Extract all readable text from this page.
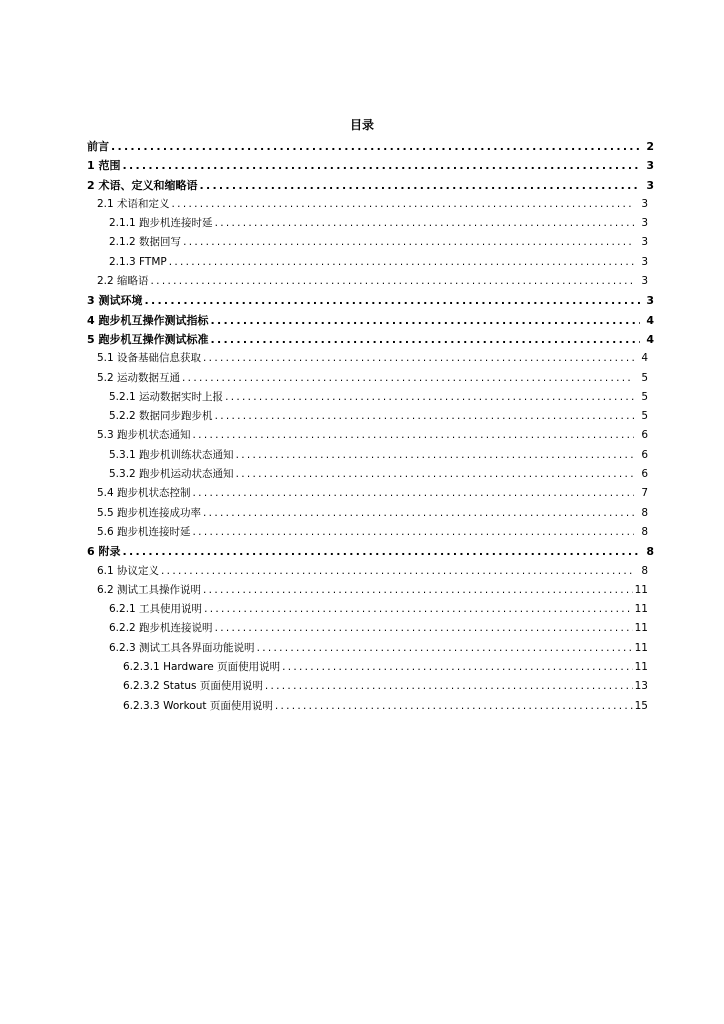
目录
前言 .....	2
1 范围 .....	3
2 术语、定义和缩略语 .....	3
2.1 术语和定义 .....	3
2.1.1 跑步机连接时延 .....	3
2.1.2 数据回写 .....	3
2.1.3 FTMP .....	3
2.2 缩略语 .....	3
3 测试环境 .....	3
4 跑步机互操作测试指标 .....	4
5 跑步机互操作测试标准 .....	4
5.1 设备基础信息获取 .....	4
5.2 运动数据互通 .....	5
5.2.1 运动数据实时上报 .....	5
5.2.2 数据同步跑步机 .....	5
5.3 跑步机状态通知 .....	6
5.3.1 跑步机训练状态通知 .....	6
5.3.2 跑步机运动状态通知 .....	6
5.4 跑步机状态控制 .....	7
5.5 跑步机连接成功率 .....	8
5.6 跑步机连接时延 .....	8
6 附录 .....	8
6.1 协议定义 .....	8
6.2 测试工具操作说明 .....	11
6.2.1 工具使用说明 .....	11
6.2.2 跑步机连接说明 .....	11
6.2.3 测试工具各界面功能说明 .....	11
6.2.3.1 Hardware 页面使用说明 .....	11
6.2.3.2 Status 页面使用说明 .....	13
6.2.3.3 Workout 页面使用说明 .....	15
